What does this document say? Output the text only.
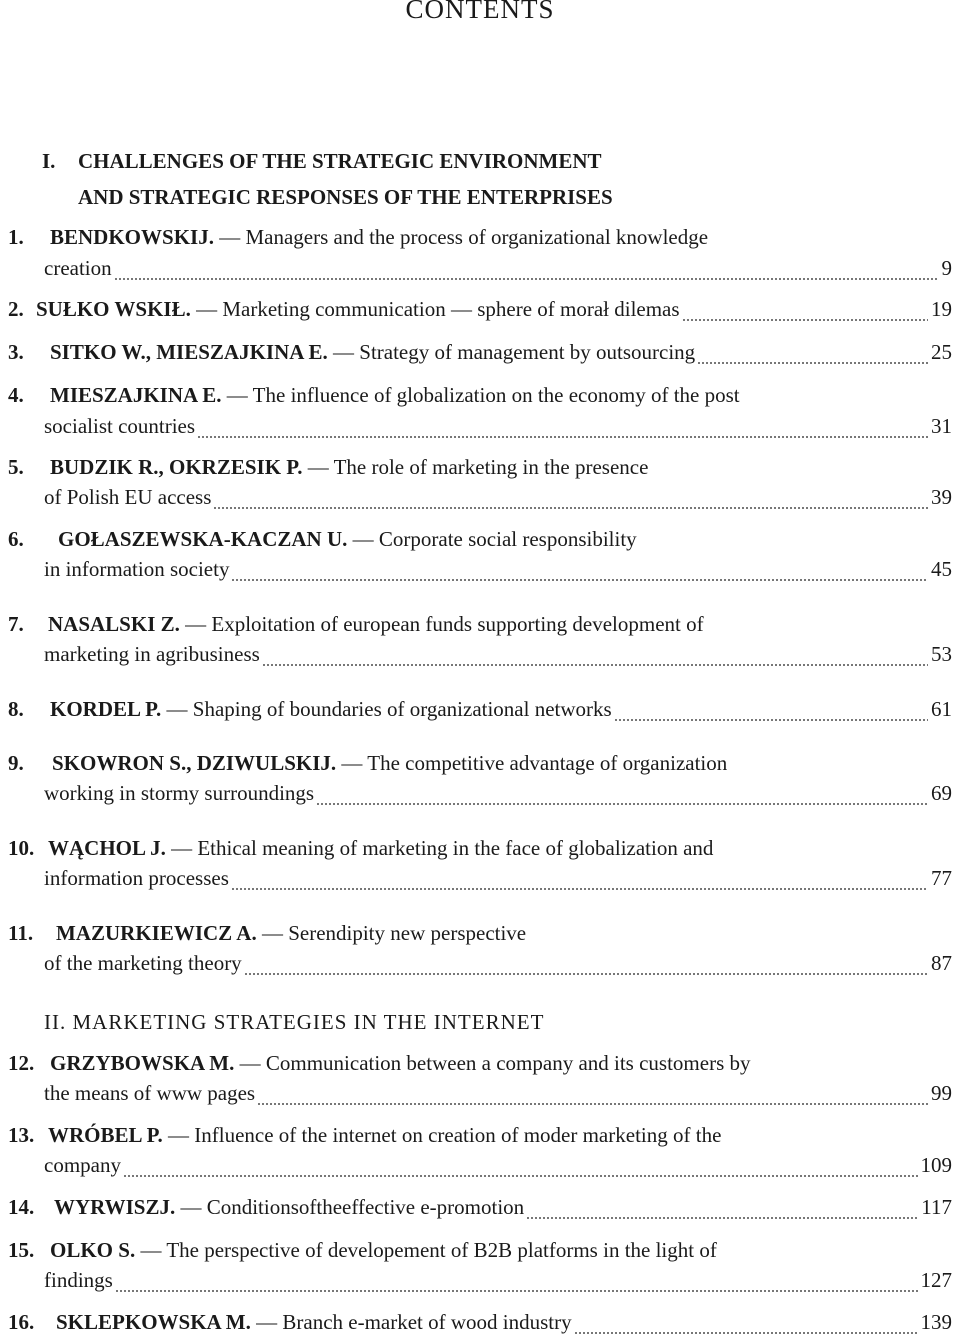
CONTENTS
I. CHALLENGES OF THE STRATEGIC ENVIRONMENT
AND STRATEGIC RESPONSES OF THE ENTERPRISES
II. MARKETING STRATEGIES IN THE INTERNET
1. BENDKOWSKIJ. — Managers and the process of organizational knowledge
creation	9
2. SUŁKO WSKIŁ. — Marketing communication — sphere of morał dilemas	19
3. SITKO W., MIESZAJKINA E. — Strategy of management by outsourcing	25
4. MIESZAJKINA E. — The influence of globalization on the economy of the post
socialist countries	31
5. BUDZIK R., OKRZESIK P. — The role of marketing in the presence
of Polish EU access	39
6. GOŁASZEWSKA-KACZAN U. — Corporate social responsibility
in information society	45
7. NASALSKI Z. — Exploitation of european funds supporting development of
marketing in agribusiness	53
8. KORDEL P. — Shaping of boundaries of organizational networks	61
9. SKOWRON S., DZIWULSKIJ. — The competitive advantage of organization
working in stormy surroundings	69
10. WĄCHOL J. — Ethical meaning of marketing in the face of globalization and
information processes	77
11. MAZURKIEWICZ A. — Serendipity new perspective
of the marketing theory	87
12. GRZYBOWSKA M. — Communication between a company and its customers by
the means of www pages	99
13. WRÓBEL P. — Influence of the internet on creation of moder marketing of the
company	109
14. WYRWISZJ. — Conditionsoftheeffective e-promotion	117
15. OLKO S. — The perspective of developement of B2B platforms in the light of
findings	127
16. SKLEPKOWSKA M. — Branch e-market of wood industry	139
